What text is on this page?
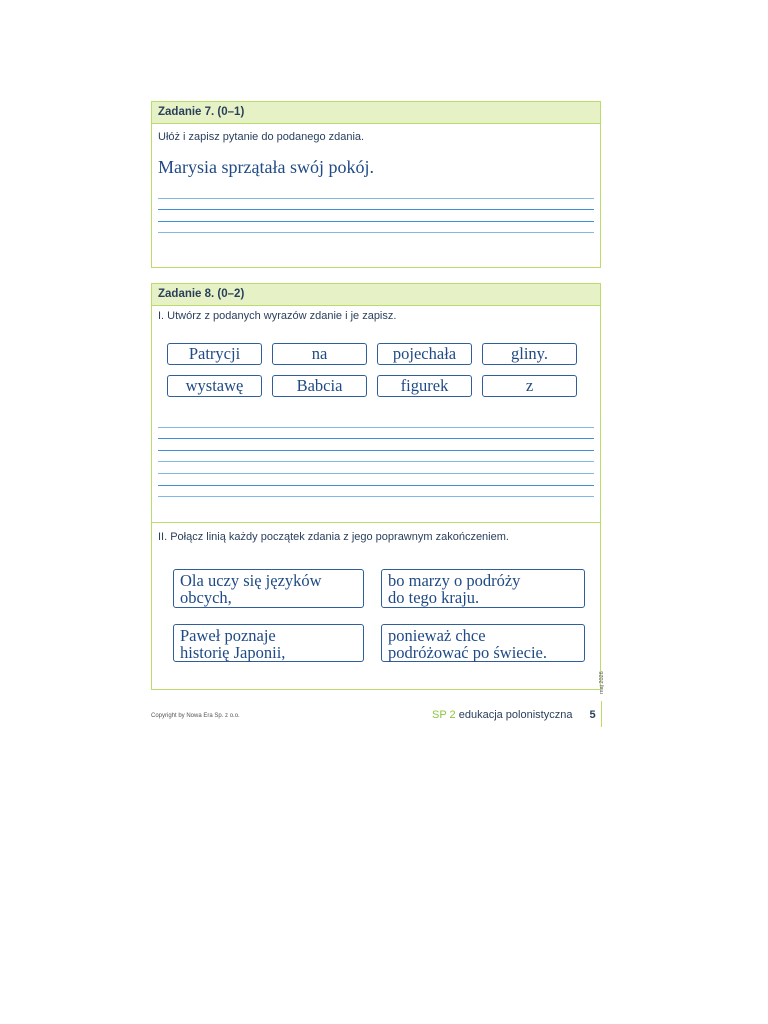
Zadanie 7. (0–1)
Ułóż i zapisz pytanie do podanego zdania.
Marysia sprzątała swój pokój.
Zadanie 8. (0–2)
I. Utwórz z podanych wyrazów zdanie i je zapisz.
Patrycji	na	pojechała	gliny.
wystawę	Babcia	figurek	z
II. Połącz linią każdy początek zdania z jego poprawnym zakończeniem.
Ola uczy się języków
obcych,
bo marzy o podróży
do tego kraju.
Paweł poznaje
historię Japonii,
ponieważ chce
podróżować po świecie.
Copyright by Nowa Era Sp. z o.o.	SP 2 edukacja polonistyczna 5
maj 2026
